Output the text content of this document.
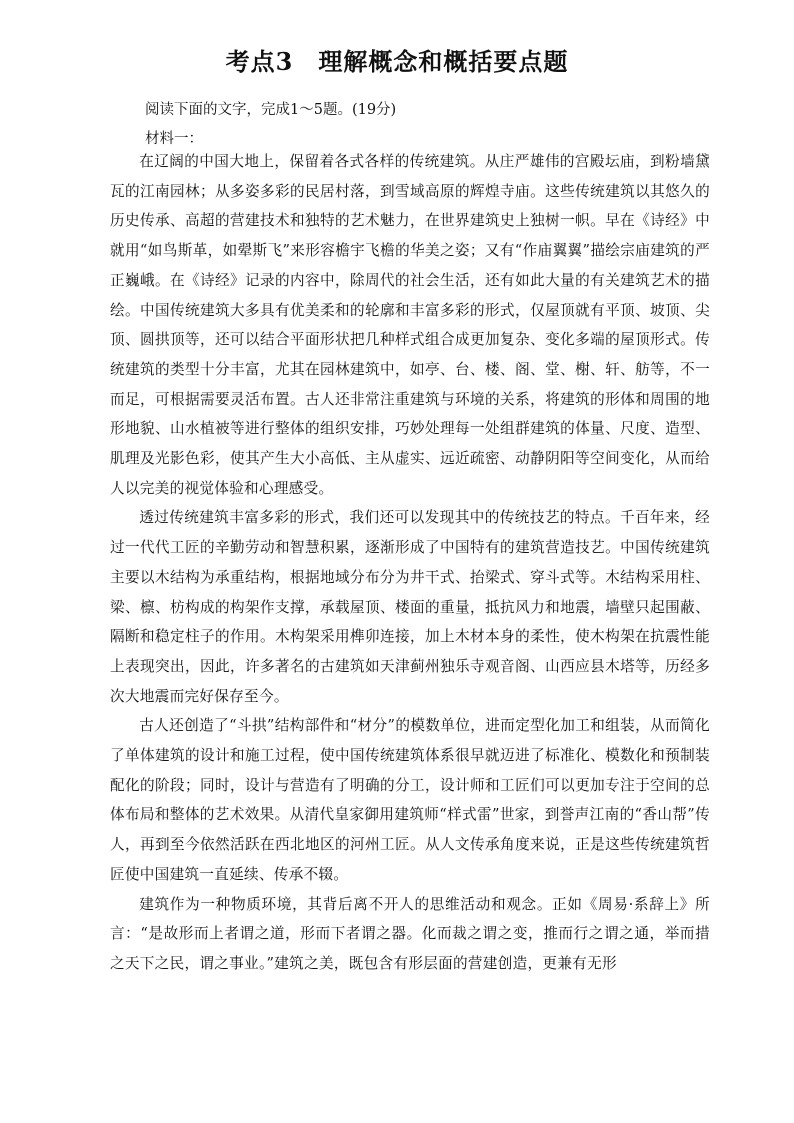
考点3　理解概念和概括要点题
阅读下面的文字，完成1～5题。(19分)
材料一：

在辽阔的中国大地上，保留着各式各样的传统建筑。从庄严雄伟的宫殿坛庙，到粉墙黛瓦的江南园林；从多姿多彩的民居村落，到雪域高原的辉煌寺庙。这些传统建筑以其悠久的历史传承、高超的营建技术和独特的艺术魅力，在世界建筑史上独树一帜。早在《诗经》中就用“如鸟斯革，如翚斯飞”来形容檐宇飞檐的华美之姿；又有“作庙翼翼”描绘宗庙建筑的严正巍峨。在《诗经》记录的内容中，除周代的社会生活，还有如此大量的有关建筑艺术的描绘。中国传统建筑大多具有优美柔和的轮廓和丰富多彩的形式，仅屋顶就有平顶、坡顶、尖顶、圆拱顶等，还可以结合平面形状把几种样式组合成更加复杂、变化多端的屋顶形式。传统建筑的类型十分丰富，尤其在园林建筑中，如亭、台、楼、阁、堂、榭、轩、舫等，不一而足，可根据需要灵活布置。古人还非常注重建筑与环境的关系，将建筑的形体和周围的地形地貌、山水植被等进行整体的组织安排，巧妙处理每一处组群建筑的体量、尺度、造型、肌理及光影色彩，使其产生大小高低、主从虚实、远近疏密、动静阴阳等空间变化，从而给人以完美的视觉体验和心理感受。

透过传统建筑丰富多彩的形式，我们还可以发现其中的传统技艺的特点。千百年来，经过一代代工匠的辛勤劳动和智慧积累，逐渐形成了中国特有的建筑营造技艺。中国传统建筑主要以木结构为承重结构，根据地域分布分为井干式、抬梁式、穿斗式等。木结构采用柱、梁、檩、枋构成的构架作支撑，承载屋顶、楼面的重量，抵抗风力和地震，墙壁只起围蔽、隔断和稳定柱子的作用。木构架采用榫卯连接，加上木材本身的柔性，使木构架在抗震性能上表现突出，因此，许多著名的古建筑如天津蓟州独乐寺观音阁、山西应县木塔等，历经多次大地震而完好保存至今。

古人还创造了“斗拱”结构部件和“材分”的模数单位，进而定型化加工和组装，从而简化了单体建筑的设计和施工过程，使中国传统建筑体系很早就迈进了标准化、模数化和预制装配化的阶段；同时，设计与营造有了明确的分工，设计师和工匠们可以更加专注于空间的总体布局和整体的艺术效果。从清代皇家御用建筑师“样式雷”世家，到誉声江南的“香山帮”传人，再到至今依然活跃在西北地区的河州工匠。从人文传承角度来说，正是这些传统建筑哲匠使中国建筑一直延续、传承不辍。

建筑作为一种物质环境，其背后离不开人的思维活动和观念。正如《周易·系辞上》所言：“是故形而上者谓之道，形而下者谓之器。化而裁之谓之变，推而行之谓之通，举而措之天下之民，谓之事业。”建筑之美，既包含有形层面的营建创造，更兼有无形
